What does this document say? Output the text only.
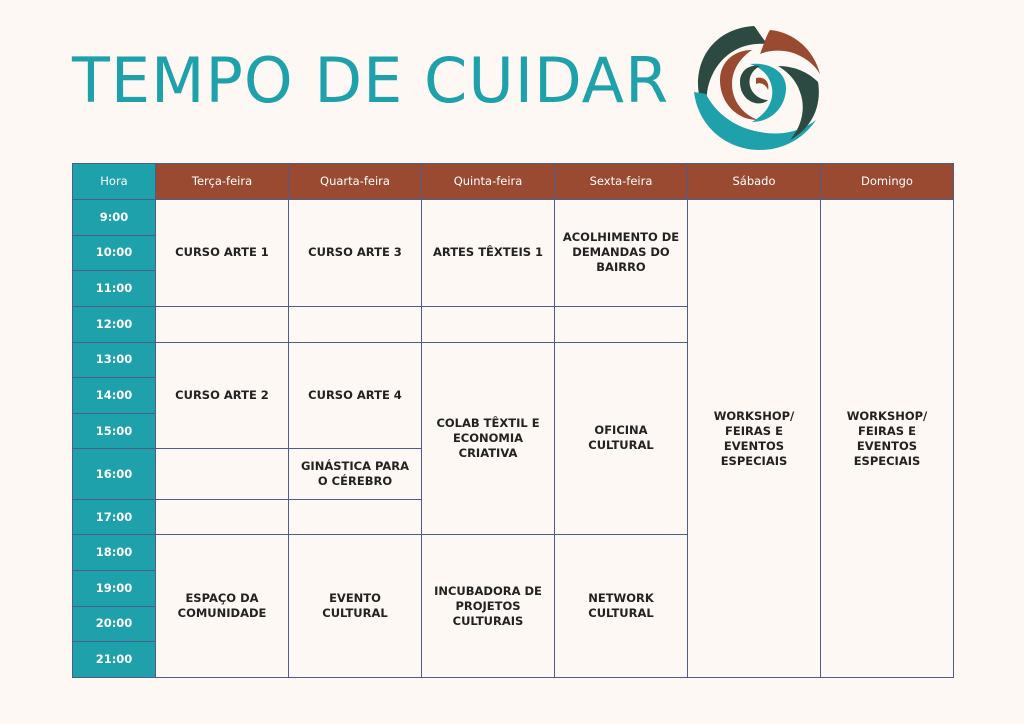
TEMPO DE CUIDAR
Hora	Terça-feira	Quarta-feira	Quinta-feira	Sexta-feira	Sábado	Domingo
9:00	CURSO ARTE 1	CURSO ARTE 3	ARTES TÊXTEIS 1	ACOLHIMENTO DE DEMANDAS DO BAIRRO	WORKSHOP/ FEIRAS E EVENTOS ESPECIAIS	WORKSHOP/ FEIRAS E EVENTOS ESPECIAIS
10:00						
11:00						
12:00						
13:00	CURSO ARTE 2	CURSO ARTE 4	COLAB TÊXTIL E ECONOMIA CRIATIVA	OFICINA CULTURAL		
14:00						
15:00						
16:00		GINÁSTICA PARA O CÉREBRO				
17:00						
18:00	ESPAÇO DA COMUNIDADE	EVENTO CULTURAL	INCUBADORA DE PROJETOS CULTURAIS	NETWORK CULTURAL		
19:00						
20:00						
21:00						
